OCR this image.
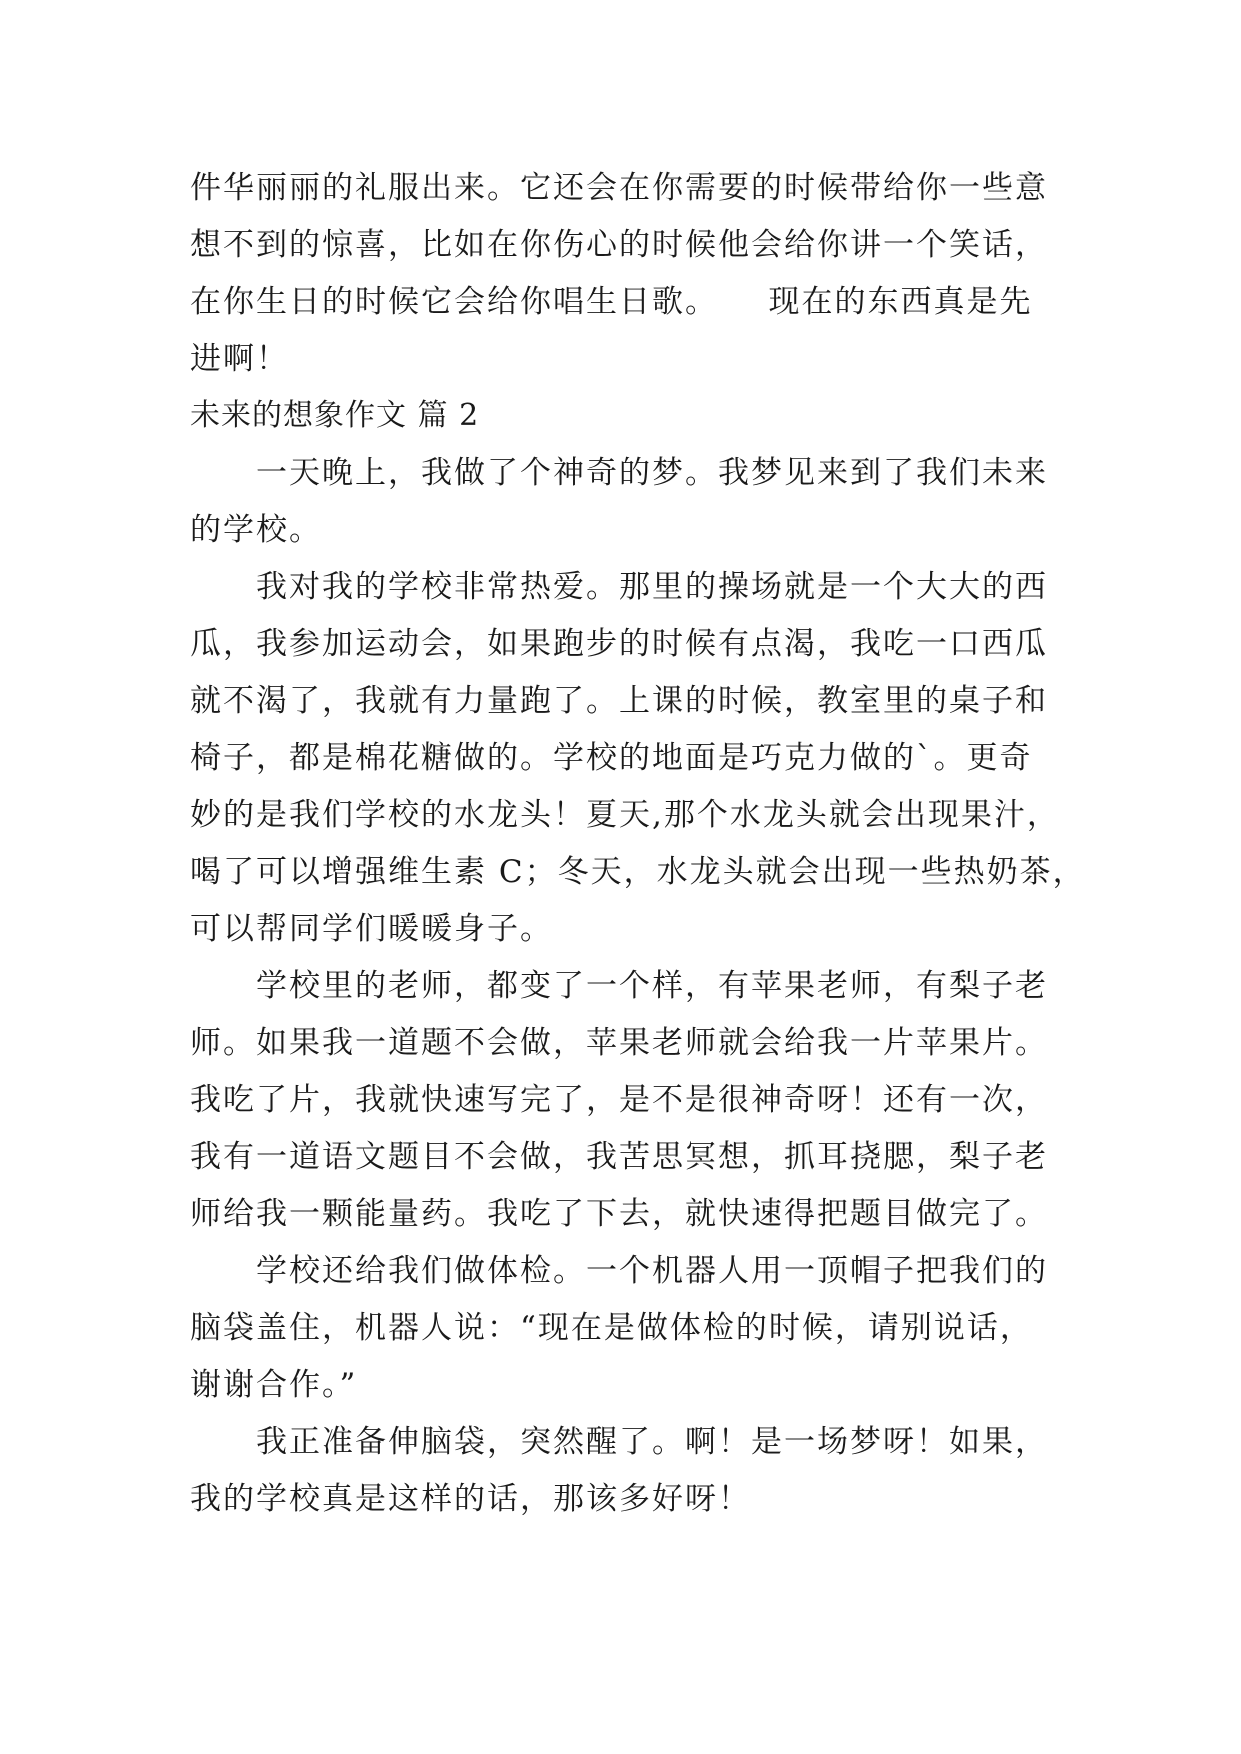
件华丽丽的礼服出来。它还会在你需要的时候带给你一些意
想不到的惊喜，比如在你伤心的时候他会给你讲一个笑话，
在你生日的时候它会给你唱生日歌。　　现在的东西真是先
进啊！
未来的想象作文 篇 2
一天晚上，我做了个神奇的梦。我梦见来到了我们未来
的学校。
我对我的学校非常热爱。那里的操场就是一个大大的西
瓜，我参加运动会，如果跑步的时候有点渴，我吃一口西瓜
就不渴了，我就有力量跑了。上课的时候，教室里的桌子和
椅子，都是棉花糖做的。学校的地面是巧克力做的`。更奇
妙的是我们学校的水龙头！夏天,那个水龙头就会出现果汁，
喝了可以增强维生素 C；冬天，水龙头就会出现一些热奶茶，
可以帮同学们暖暖身子。
学校里的老师，都变了一个样，有苹果老师，有梨子老
师。如果我一道题不会做，苹果老师就会给我一片苹果片。
我吃了片，我就快速写完了，是不是很神奇呀！还有一次，
我有一道语文题目不会做，我苦思冥想，抓耳挠腮，梨子老
师给我一颗能量药。我吃了下去，就快速得把题目做完了。
学校还给我们做体检。一个机器人用一顶帽子把我们的
脑袋盖住，机器人说：“现在是做体检的时候，请别说话，
谢谢合作。”
我正准备伸脑袋，突然醒了。啊！是一场梦呀！如果，
我的学校真是这样的话，那该多好呀！
